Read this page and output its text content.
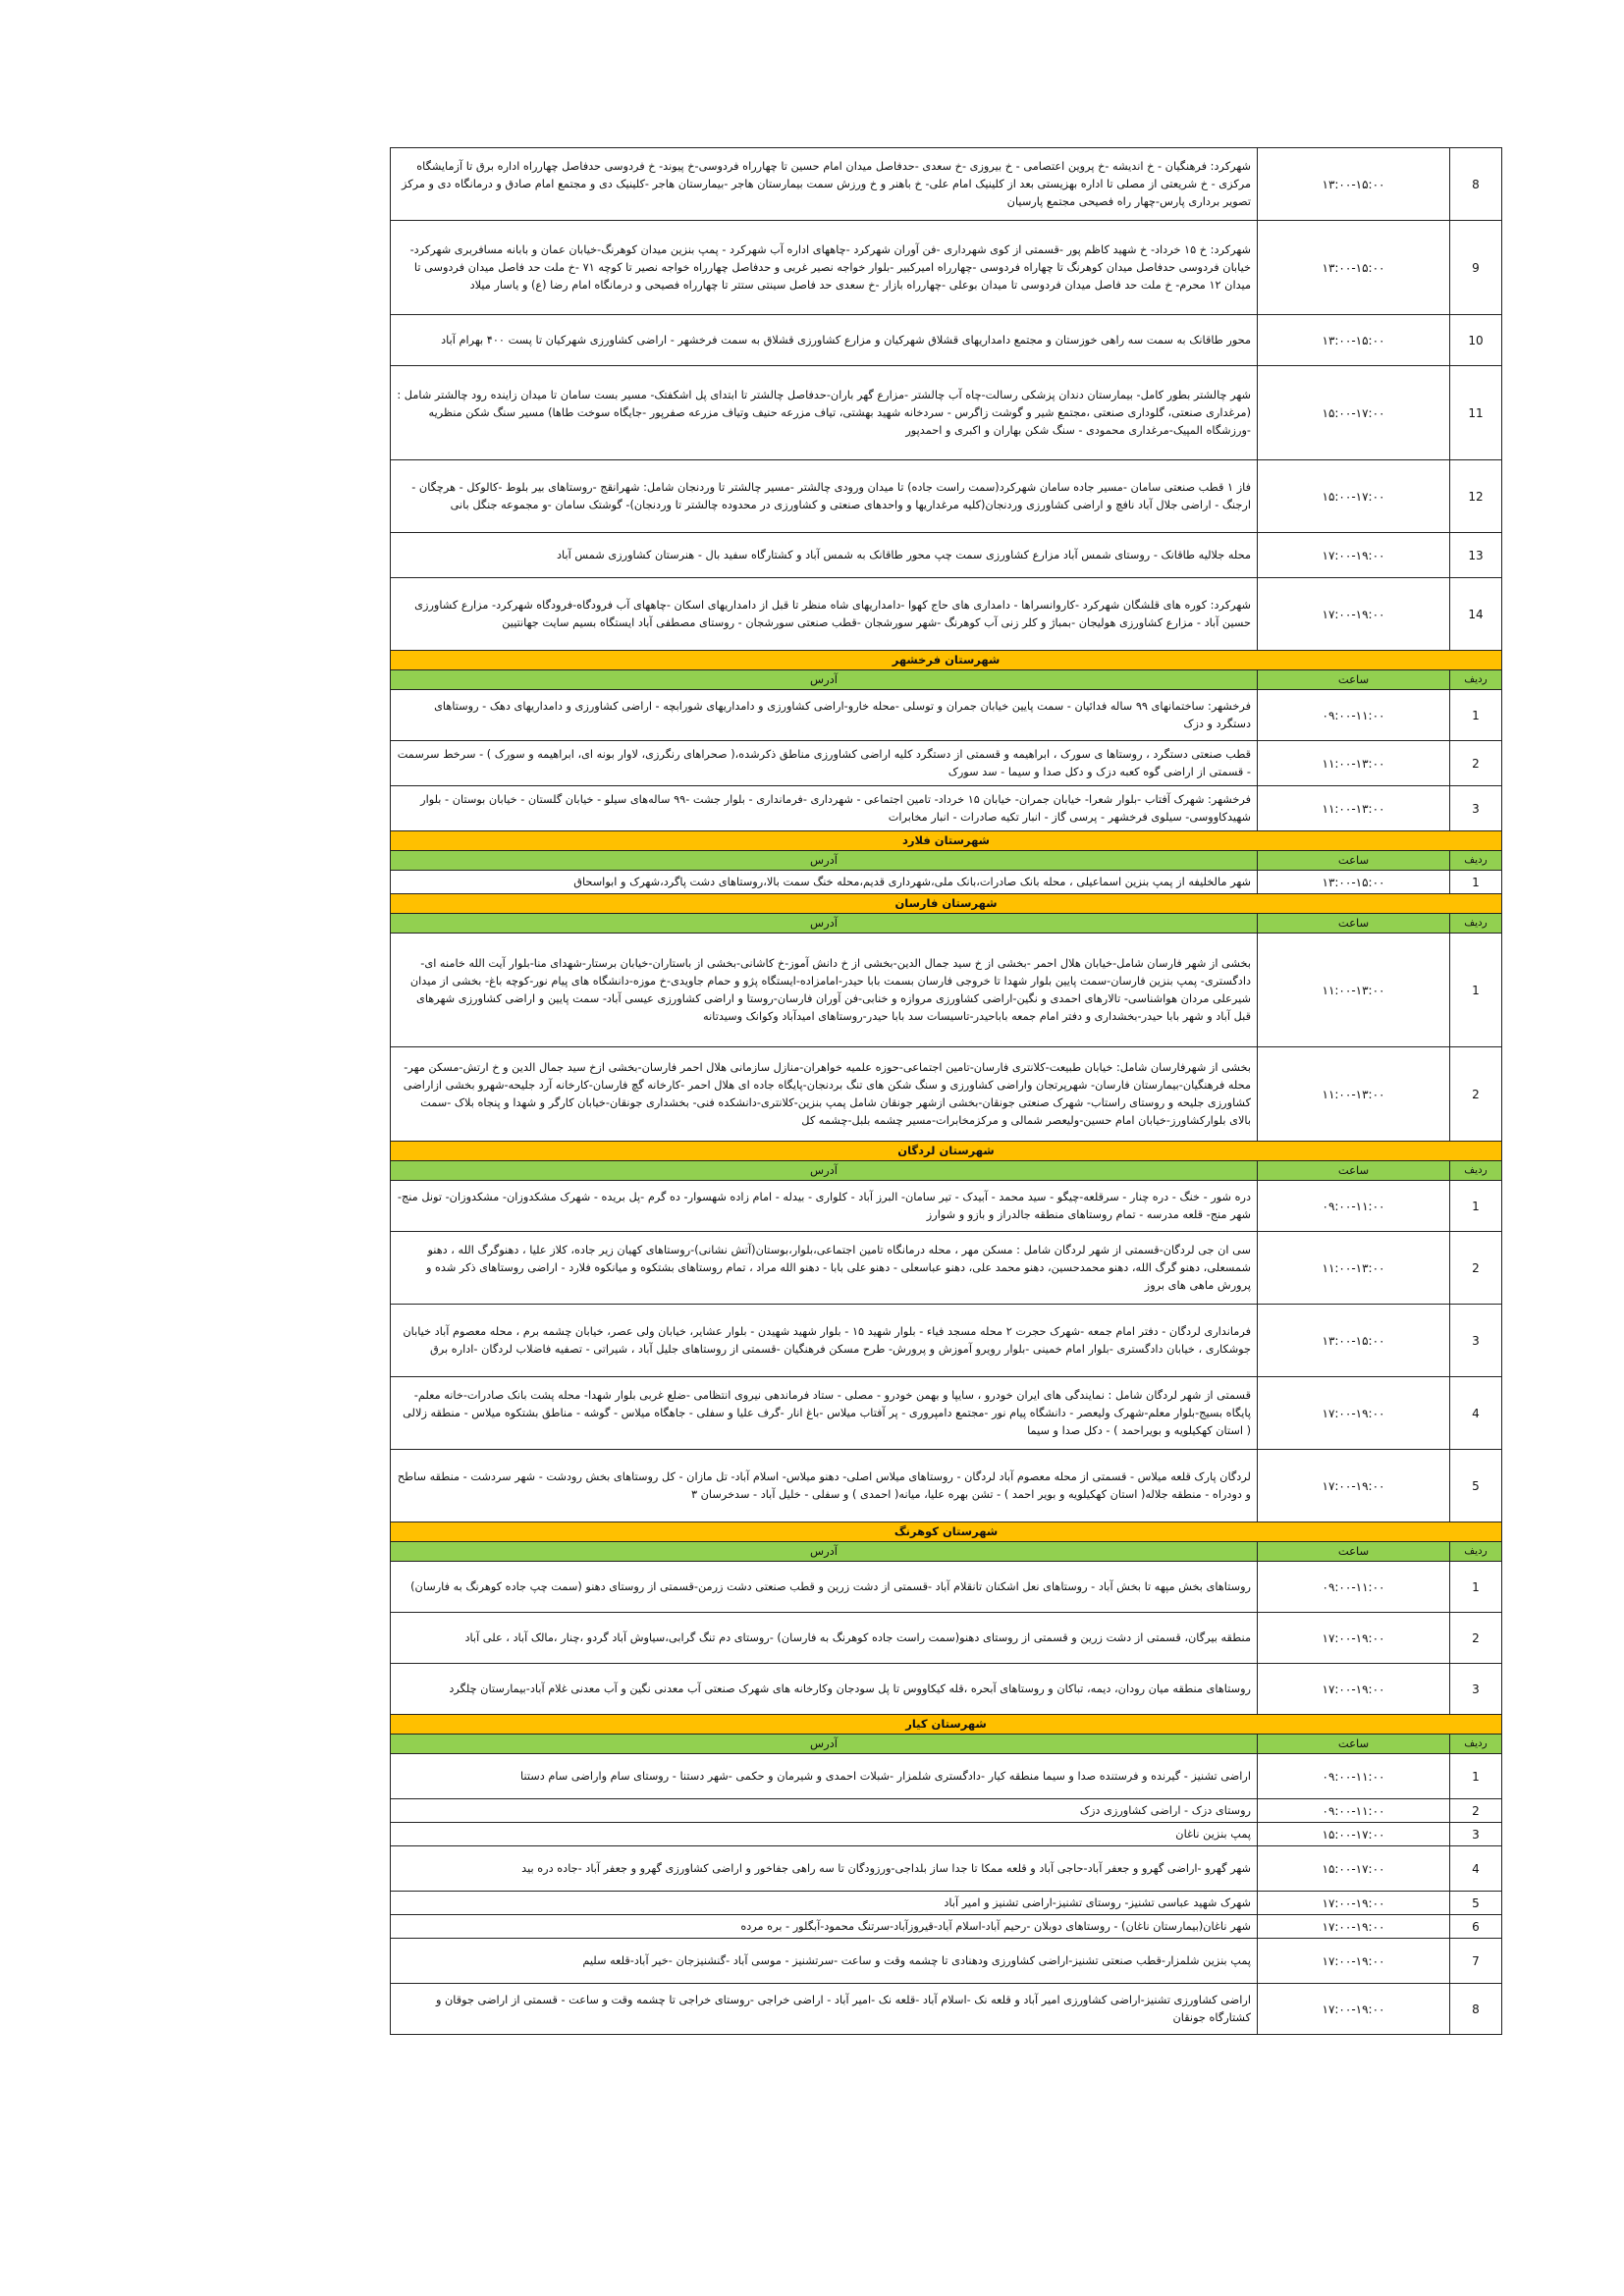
8	۱۳:۰۰-۱۵:۰۰	شهرکرد: فرهنگیان - خ اندیشه -خ پروین اعتصامی - خ بیروزی -خ سعدی -حدفاصل میدان امام حسین تا چهارراه فردوسی-خ پیوند- خ فردوسی حدفاصل چهارراه اداره برق تا آزمایشگاه مرکزی - خ شریعتی از مصلی تا اداره بهزیستی بعد از کلینیک امام علی- خ باهنر و خ ورزش سمت بیمارستان هاجر -بیمارستان هاجر -کلینیک دی و مجتمع امام صادق و درمانگاه دی و مرکز تصویر برداری پارس-چهار راه فصیحی مجتمع پارسیان
9	۱۳:۰۰-۱۵:۰۰	شهرکرد: خ ۱۵ خرداد- خ شهید کاظم پور -قسمتی از کوی شهرداری -فن آوران شهرکرد -چاههای اداره آب شهرکرد - پمپ بنزین میدان کوهرنگ-خیابان عمان و بابانه مسافربری شهرکرد- خیابان فردوسی حدفاصل میدان کوهرنگ تا چهاراه فردوسی -چهارراه امیرکبیر -بلوار خواجه نصیر غربی و حدفاصل چهارراه خواجه نصیر تا کوچه ۷۱ -خ ملت حد فاصل میدان فردوسی تا میدان ۱۲ محرم- خ ملت حد فاصل میدان فردوسی تا میدان بوعلی -چهارراه بازار -خ سعدی حد فاصل سینتی ستتر تا چهارراه فصیحی و درمانگاه امام رضا (ع) و یاسار میلاد
10	۱۳:۰۰-۱۵:۰۰	محور طاقانک به سمت سه راهی خوزستان و مجتمع دامداریهای قشلاق شهرکیان و مزارع کشاورزی قشلاق به سمت فرخشهر - اراضی کشاورزی شهرکیان تا پست ۴۰۰ بهرام آباد
11	۱۵:۰۰-۱۷:۰۰	شهر چالشتر بطور کامل- بیمارستان دندان پزشکی رسالت-چاه آب چالشتر -مزارع گهر باران-حدفاصل چالشتر تا ابتدای پل اشکفتک- مسیر بست سامان تا میدان زاینده رود چالشتر شامل :(مرغداری صنعتی، گلوداری صنعتی ،مجتمع شیر و گوشت زاگرس - سردخانه شهید بهشتی، تیاف مزرعه حنیف وتیاف مزرعه صفرپور -جایگاه سوخت طاها) مسیر سنگ شکن منظریه -ورزشگاه المپیک-مرغداری محمودی - سنگ شکن بهاران و اکبری و احمدپور
12	۱۵:۰۰-۱۷:۰۰	فاز ۱ قطب صنعتی سامان -مسیر جاده سامان شهرکرد(سمت راست جاده) تا میدان ورودی چالشتر -مسیر چالشتر تا وردنجان شامل: شهرانقج -روستاهای بیر بلوط -کالوکل - هرچگان - ارجنگ - اراضی جلال آباد نافچ و اراضی کشاورزی وردنجان(کلیه مرغداریها و واحدهای صنعتی و کشاورزی در محدوده چالشتر تا وردنجان)- گوشتک سامان -و مجموعه جنگل بانی
13	۱۷:۰۰-۱۹:۰۰	محله جلالیه طاقانک - روستای شمس آباد مزارع کشاورزی سمت چپ محور طاقانک به شمس آباد و کشتارگاه سفید بال - هنرستان کشاورزی شمس آباد
14	۱۷:۰۰-۱۹:۰۰	شهرکرد: کوره های قلشگان شهرکرد -کاروانسراها - دامداری های حاج کهوا -دامداریهای شاه منظر تا قبل از دامداریهای اسکان -چاههای آب فرودگاه-فرودگاه شهرکرد- مزارع کشاورزی حسین آباد - مزارع کشاورزی هولیجان -بمباژ و کلر زنی آب کوهرنگ -شهر سورشجان -قطب صنعتی سورشجان - روستای مصطفی آباد ایستگاه بسیم سایت جهانتیین
شهرستان فرخشهر		
ردیف	ساعت	آدرس
1	۰۹:۰۰-۱۱:۰۰	فرخشهر: ساختمانهای ۹۹ ساله فدائیان - سمت پایین خیابان جمران و توسلی -محله خارو-اراضی کشاورزی و دامداریهای شورابچه - اراضی کشاورزی و دامداریهای دهک - روستاهای دستگرد و دزک
2	۱۱:۰۰-۱۳:۰۰	قطب صنعتی دستگرد ، روستاها ی سورک ، ابراهیمه و قسمتی از دستگرد کلیه اراضی کشاورزی مناطق ذکرشده،( صحراهای رنگرزی، لاوار بونه ای، ابراهیمه و سورک ) - سرخط سرسمت - قسمتی از اراضی گوه کعبه دزک و دکل صدا و سیما - سد سورک
3	۱۱:۰۰-۱۳:۰۰	فرخشهر: شهرک آفتاب -بلوار شعرا- خیابان جمران- خیابان ۱۵ خرداد- تامین اجتماعی - شهرداری -فرمانداری - بلوار جشت -۹۹ ساله‌های سیلو - خیابان گلستان - خیابان بوستان - بلوار شهیدکاووسی- سیلوی فرخشهر - پرسی گاز - انبار تکیه صادرات - انبار مخابرات
شهرستان فلارد		
ردیف	ساعت	آدرس
1	۱۳:۰۰-۱۵:۰۰	شهر مالخلیفه از پمپ بنزین اسماعیلی ، محله بانک صادرات،بانک ملی،شهرداری قدیم،محله خنگ سمت بالا،روستاهای دشت پاگرد،شهرک و ابواسحاق
شهرستان فارسان		
ردیف	ساعت	آدرس
1	۱۱:۰۰-۱۳:۰۰	بخشی از شهر فارسان شامل-خیابان هلال احمر -بخشی از خ سید جمال الدین-بخشی از خ دانش آموز-خ کاشانی-بخشی از باستاران-خیابان برستار-شهدای منا-بلوار آیت الله خامنه ای-دادگستری- پمپ بنزین فارسان-سمت پایین بلوار شهدا تا خروجی فارسان بسمت بابا حیدر-امامزاده-ایستگاه پژو و حمام جاویدی-خ موزه-دانشگاه های پیام نور-کوچه باغ- بخشی از میدان شیرعلی مردان هواشناسی- تالارهای احمدی و نگین-اراضی کشاورزی مروازه و خنابی-فن آوران فارسان-روستا و اراضی کشاورزی عیسی آباد- سمت پایین و اراضی کشاورزی شهرهای قبل آباد و شهر بابا حیدر-بخشداری و دفتر امام جمعه باباحیدر-تاسیسات سد بابا حیدر-روستاهای امیدآباد وکوانک وسیدتانه
2	۱۱:۰۰-۱۳:۰۰	بخشی از شهرفارسان شامل: خیابان طبیعت-کلانتری فارسان-تامین اجتماعی-حوزه علمیه خواهران-منازل سازمانی هلال احمر فارسان-بخشی ازخ سید جمال الدین و خ ارتش-مسکن مهر-محله فرهنگیان-بیمارستان فارسان- شهرپرتجان واراضی کشاورزی و سنگ شکن های تنگ بردنجان-پایگاه جاده ای هلال احمر -کارخانه گچ فارسان-کارخانه آرد جلیحه-شهرو بخشی ازاراضی کشاورزی جلیحه و روستای راستاب- شهرک صنعتی جونقان-بخشی ازشهر جونقان شامل پمپ بنزین-کلانتری-دانشکده فنی- بخشداری جونقان-خیابان کارگر و شهدا و پنجاه بلاک -سمت بالای بلوارکشاورز-خیابان امام حسین-ولیعصر شمالی و مرکزمخابرات-مسیر چشمه بلبل-چشمه کل
شهرستان لردگان		
ردیف	ساعت	آدرس
1	۰۹:۰۰-۱۱:۰۰	دره شور - خنگ - دره چنار - سرقلعه-چیگو - سید محمد - آبیدک - تیر سامان- البرز آباد - کلواری - بیدله - امام زاده شهسوار- ده گرم -پل بریده - شهرک مشکدوزان- مشکدوزان- تونل منج- شهر منج- قلعه مدرسه - تمام روستاهای منطقه جالدراز و بازو و شوارز
2	۱۱:۰۰-۱۳:۰۰	سی ان جی لردگان-قسمتی از شهر لردگان شامل : مسکن مهر ، محله درمانگاه تامین اجتماعی،بلوار،بوستان(آتش نشانی)-روستاهای کهیان زیر جاده، کلاز علیا ، دهنوگرگ الله ، دهنو شمسعلی، دهنو گرگ الله، دهنو محمدحسین، دهنو محمد علی، دهنو عباسعلی - دهنو علی بابا - دهنو الله مراد ، تمام روستاهای بشتکوه و میانکوه فلارد - اراضی روستاهای ذکر شده و پرورش ماهی های بروز
3	۱۳:۰۰-۱۵:۰۰	فرمانداری لردگان - دفتر امام جمعه -شهرک حجرت ۲ محله مسجد فیاء - بلوار شهید ۱۵ - بلوار شهید شهیدن - بلوار عشایر، خیابان ولی عصر، خیابان چشمه برم ، محله معصوم آباد خیابان جوشکاری ، خیابان دادگستری -بلوار امام خمینی -بلوار رویرو آموزش و پرورش- طرح مسکن فرهنگیان -قسمتی از روستاهای جلیل آباد ، شیراتی - تصفیه فاضلاب لردگان -اداره برق
4	۱۷:۰۰-۱۹:۰۰	قسمتی از شهر لردگان شامل : نمایندگی های ایران خودرو ، سایپا و بهمن خودرو - مصلی - ستاد فرماندهی نیروی انتظامی -ضلع غربی بلوار شهدا- محله پشت بانک صادرات-خانه معلم- پایگاه بسیج-بلوار معلم-شهرک ولیعصر - دانشگاه پیام نور -مجتمع دامپروری - پر آفتاب میلاس -باغ انار -گرف علیا و سفلی - جاهگاه میلاس - گوشه - مناطق بشتکوه میلاس - منطقه زلالی ( استان کهکیلویه و بویراحمد ) - دکل صدا و سیما
5	۱۷:۰۰-۱۹:۰۰	لردگان پارک قلعه میلاس - قسمتی از محله معصوم آباد لردگان - روستاهای میلاس اصلی- دهنو میلاس- اسلام آباد- تل مازان - کل روستاهای بخش رودشت - شهر سردشت - منطقه ساطح و دودراه - منطقه جلاله( استان کهکیلویه و بویر احمد ) - تشن بهره علیا، میانه( احمدی ) و سفلی - خلیل آباد - سدخرسان ۳
شهرستان کوهرنگ		
ردیف	ساعت	آدرس
1	۰۹:۰۰-۱۱:۰۰	روستاهای بخش مپهه تا بخش آباد - روستاهای نعل اشکنان تانقلام آباد -قسمتی از دشت زرین و قطب صنعتی دشت زرمن-قسمتی از روستای دهنو (سمت چپ جاده کوهرنگ به فارسان)
2	۱۷:۰۰-۱۹:۰۰	منطقه بیرگان، قسمتی از دشت زرین و قسمتی از روستای دهنو(سمت راست جاده کوهرنگ به فارسان) -روستای دم تنگ گرابی،سیاوش آباد گردو ،چنار ،مالک آباد ، علی آباد
3	۱۷:۰۰-۱۹:۰۰	روستاهای منطقه میان رودان، دیمه، تباکان و روستاهای آبحره ،قله کیکاووس تا پل سودجان وکارخانه های شهرک صنعتی آب معدنی نگین و آب معدنی غلام آباد-بیمارستان چلگرد
شهرستان کیار		
ردیف	ساعت	آدرس
1	۰۹:۰۰-۱۱:۰۰	اراضی تشنیز - گیرنده و فرستنده صدا و سیما منطقه کیار -دادگستری شلمزار -شبلات احمدی و شیرمان و حکمی -شهر دستنا - روستای سام واراضی سام دستنا
2	۰۹:۰۰-۱۱:۰۰	روستای دزک - اراضی کشاورزی دزک
3	۱۵:۰۰-۱۷:۰۰	پمپ بنزین ناغان
4	۱۵:۰۰-۱۷:۰۰	شهر گهرو -اراضی گهرو و جعفر آباد-حاجی آباد و قلعه ممکا تا جدا ساز بلداجی-ورزودگان تا سه راهی جفاخور و اراضی کشاورزی گهرو و جعفر آباد -جاده دره بید
5	۱۷:۰۰-۱۹:۰۰	شهرک شهید عباسی تشنیز- روستای تشنیز-اراضی تشنیز و امیر آباد
6	۱۷:۰۰-۱۹:۰۰	شهر ناغان(بیمارستان ناغان) - روستاهای دوبلان -رحیم آباد-اسلام آباد-قیروزآباد-سرتنگ محمود-آبگلور - بره مرده
7	۱۷:۰۰-۱۹:۰۰	پمپ بنزین شلمزار-قطب صنعتی تشنیز-اراضی کشاورزی ودهنادی تا چشمه وقت و ساعت -سرتشنیز - موسی آباد -گنشنیزجان -خیر آباد-قلعه سلیم
8	۱۷:۰۰-۱۹:۰۰	اراضی کشاورزی تشنیز-اراضی کشاورزی امیر آباد و قلعه نک -اسلام آباد -قلعه نک -امیر آباد - اراضی خراجی -روستای خراجی تا چشمه وقت و ساعت - قسمتی از اراضی جوقان و کشتارگاه جونقان
